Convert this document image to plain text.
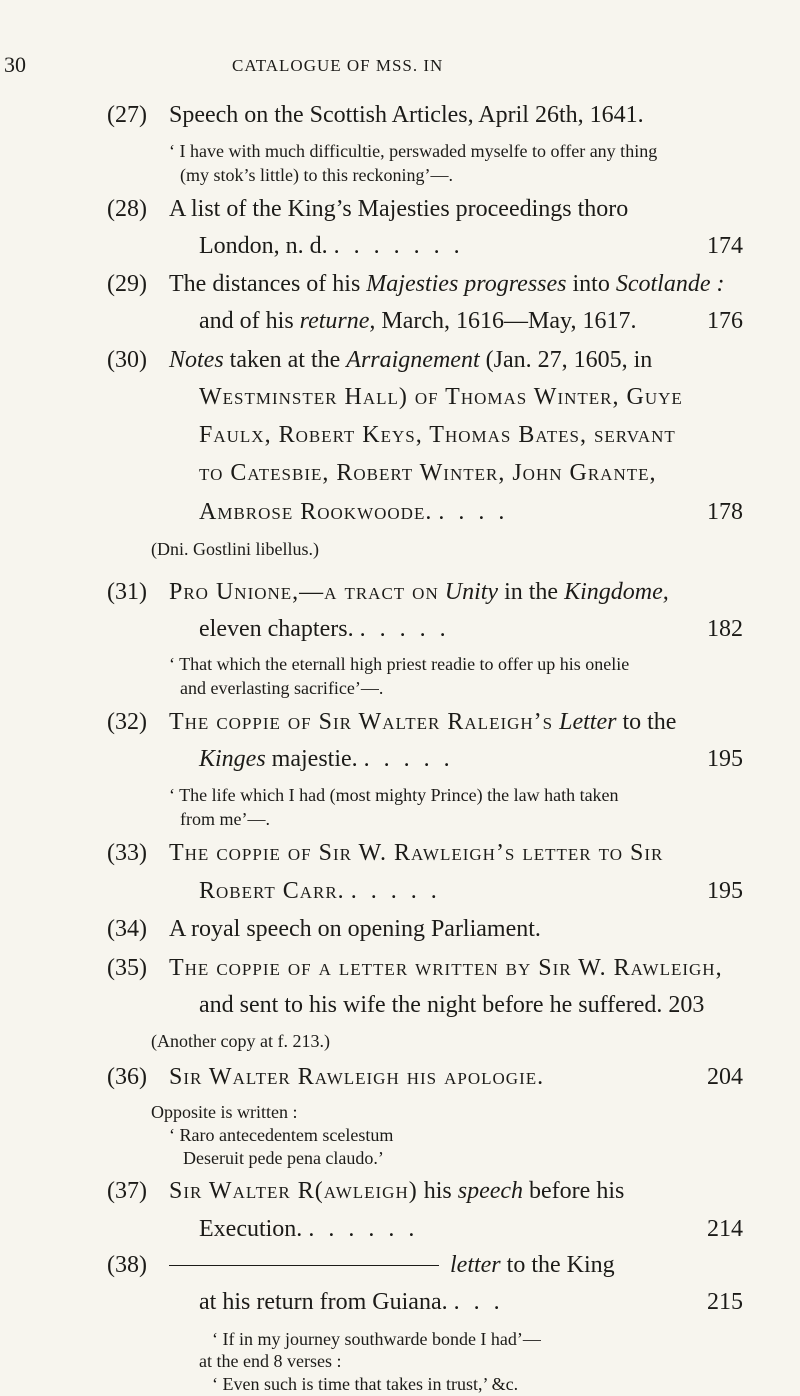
30	CATALOGUE OF MSS. IN
(27) Speech on the Scottish Articles, April 26th, 1641.
‘ I have with much difficultie, perswaded myselfe to offer any thing
(my stok’s little) to this reckoning’—.
(28) A list of the King’s Majesties proceedings thoro
London, n. d. . . . . . . .	174
(29) The distances of his Majesties progresses into Scotlande :
and of his returne, March, 1616—May, 1617.	176
(30) Notes taken at the Arraignement (Jan. 27, 1605, in
Westminster Hall) of Thomas Winter, Guye
Faulx, Robert Keys, Thomas Bates, servant
to Catesbie, Robert Winter, John Grante,
Ambrose Rookwoode. . . . .	178
(Dni. Gostlini libellus.)
(31) Pro Unione,—a tract on Unity in the Kingdome,
eleven chapters. . . . . .	182
‘ That which the eternall high priest readie to offer up his onelie
and everlasting sacrifice’—.
(32) The coppie of Sir Walter Raleigh’s Letter to the
Kinges majestie. . . . . .	195
‘ The life which I had (most mighty Prince) the law hath taken
from me’—.
(33) The coppie of Sir W. Rawleigh’s letter to Sir
Robert Carr. . . . . .	195
(34) A royal speech on opening Parliament.
(35) The coppie of a letter written by Sir W. Rawleigh,
and sent to his wife the night before he suffered. 203
(Another copy at f. 213.)
(36) Sir Walter Rawleigh his apologie.	204
Opposite is written :
‘ Raro antecedentem scelestum
Deseruit pede pena claudo.’
(37) Sir Walter R(awleigh) his speech before his
Execution. . . . . . .	214
(38)	letter to the King
at his return from Guiana. . . .	215
‘ If in my journey southwarde bonde I had’—
at the end 8 verses :
‘ Even such is time that takes in trust,’ &c.
